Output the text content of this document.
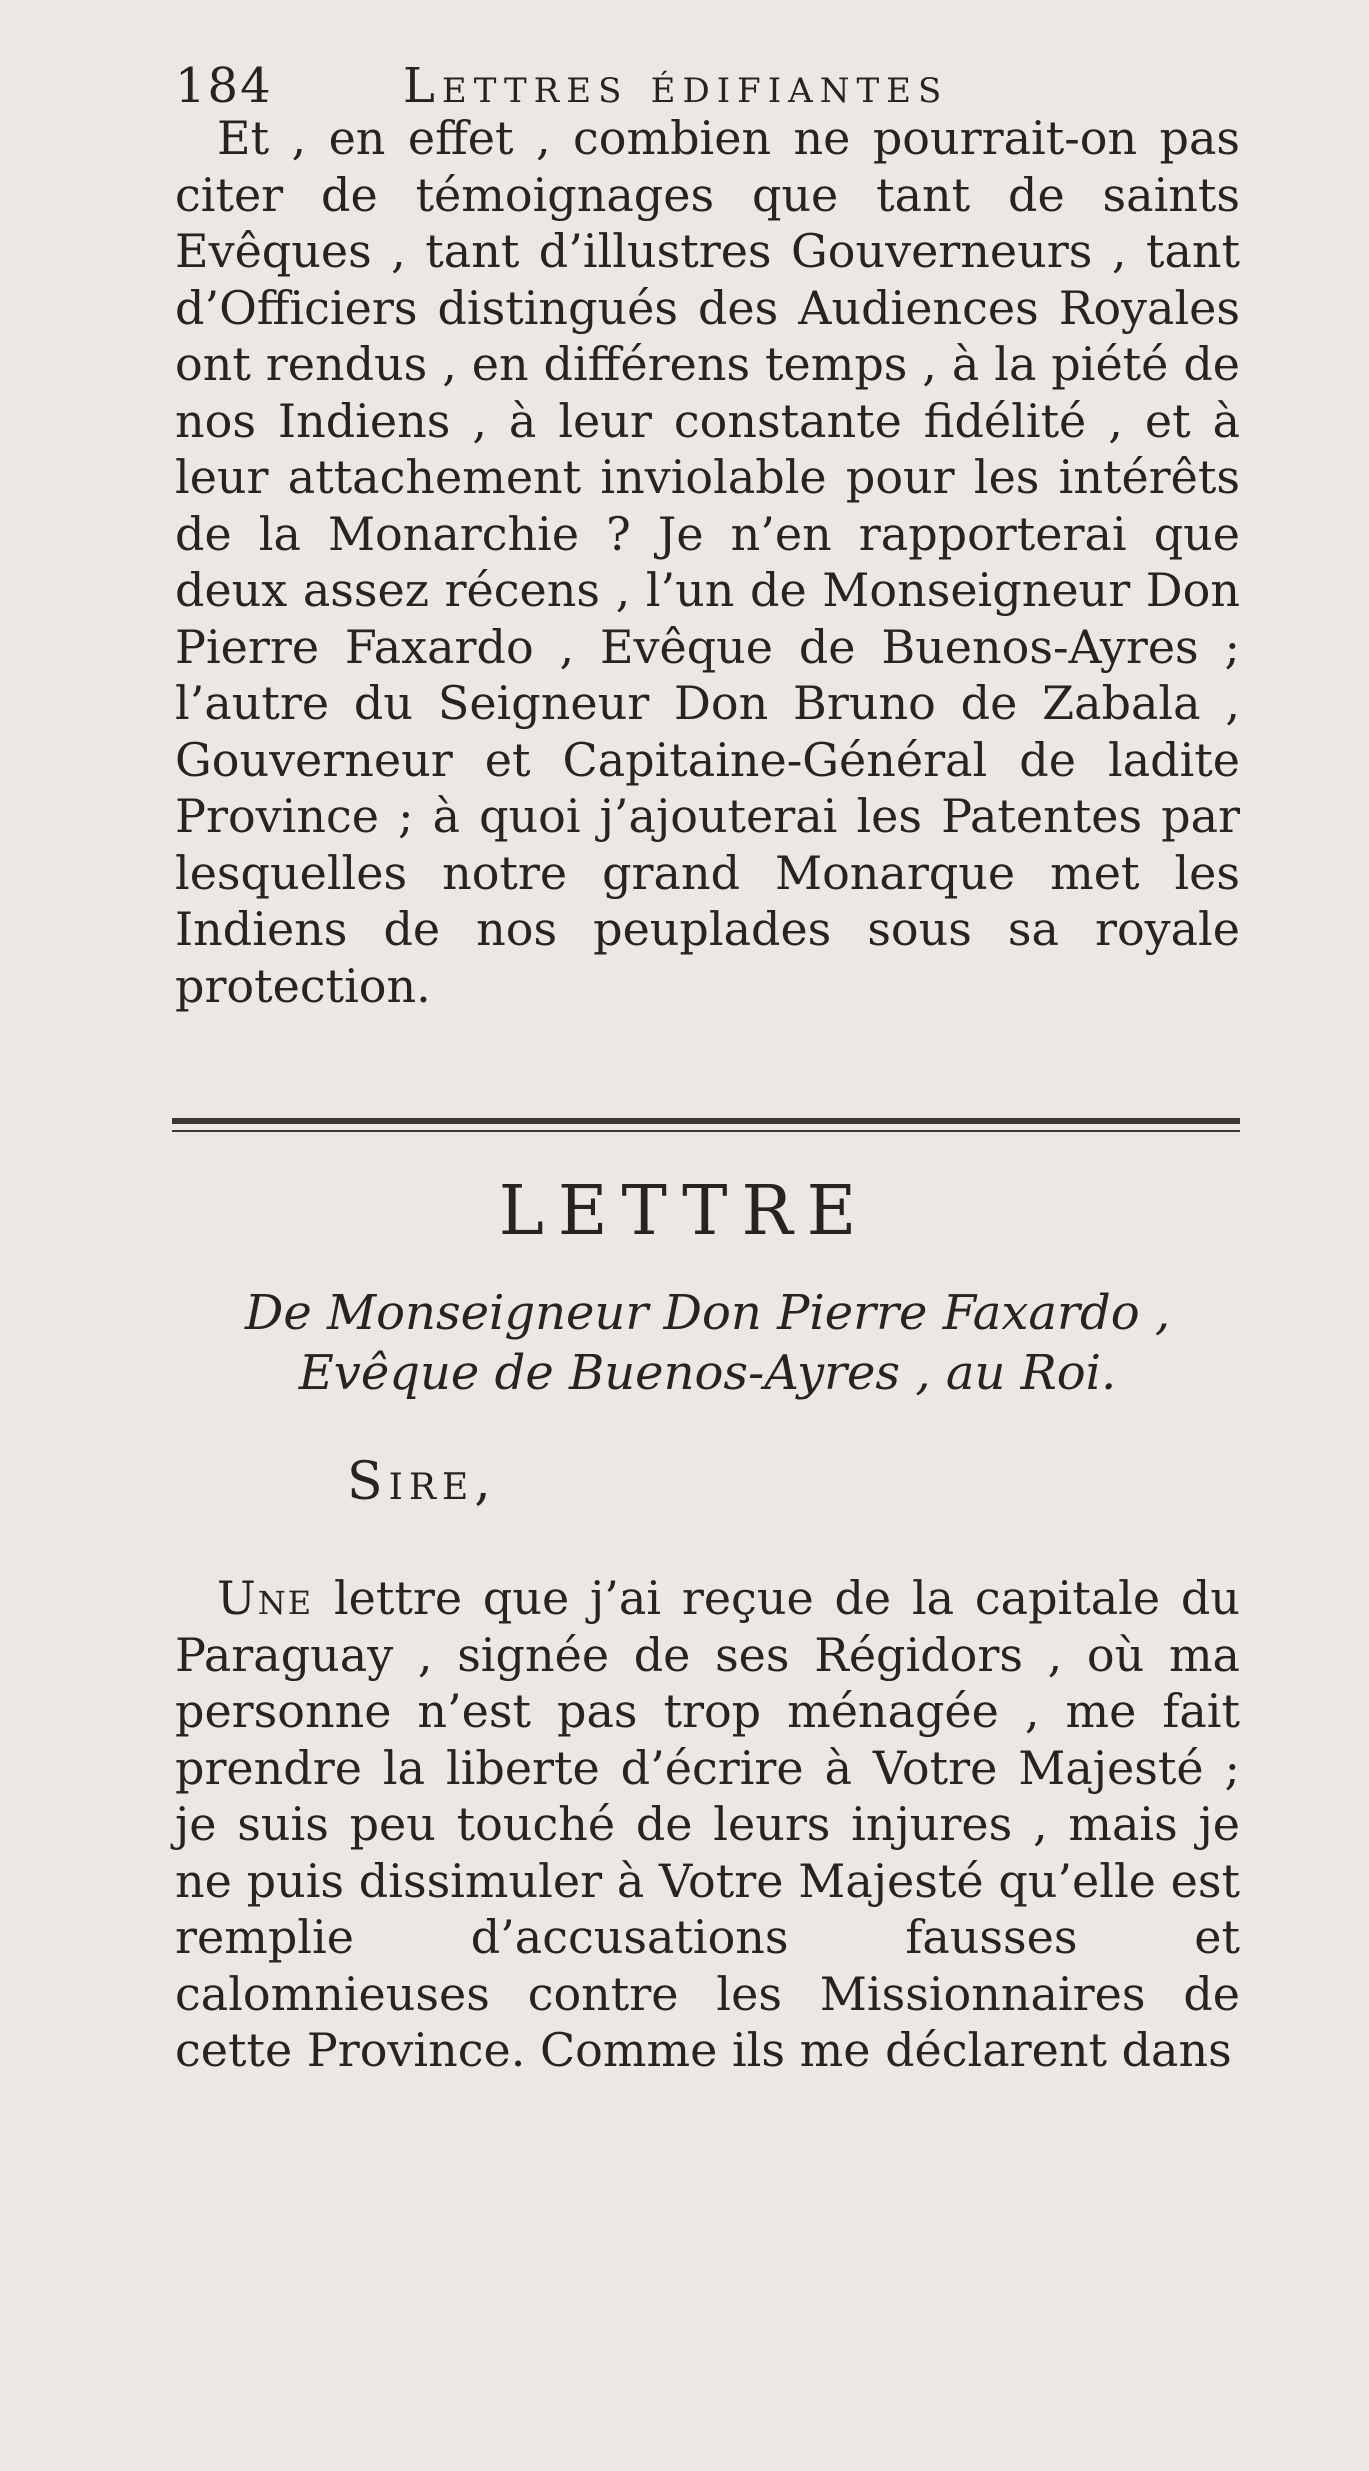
184	Lettres édifiantes

Et , en effet , combien ne pourrait-on pas citer de témoignages que tant de saints Evêques , tant d’illustres Gouverneurs , tant d’Officiers distingués des Audiences Royales ont rendus , en différens temps , à la piété de nos Indiens , à leur constante fidélité , et à leur attachement inviolable pour les intérêts de la Monarchie ? Je n’en rapporterai que deux assez récens , l’un de Monseigneur Don Pierre Faxardo , Evêque de Buenos-Ayres ; l’autre du Seigneur Don Bruno de Zabala , Gouverneur et Capitaine-Général de ladite Province ; à quoi j’ajouterai les Patentes par lesquelles notre grand Monarque met les Indiens de nos peuplades sous sa royale protection.

LETTRE
De Monseigneur Don Pierre Faxardo ,
Evêque de Buenos-Ayres , au Roi.
Sire,

Une lettre que j’ai reçue de la capitale du Paraguay , signée de ses Régidors , où ma personne n’est pas trop ménagée , me fait prendre la liberte d’écrire à Votre Majesté ; je suis peu touché de leurs injures , mais je ne puis dissimuler à Votre Majesté qu’elle est remplie d’accusations fausses et calomnieuses contre les Missionnaires de cette Province. Comme ils me déclarent dans
